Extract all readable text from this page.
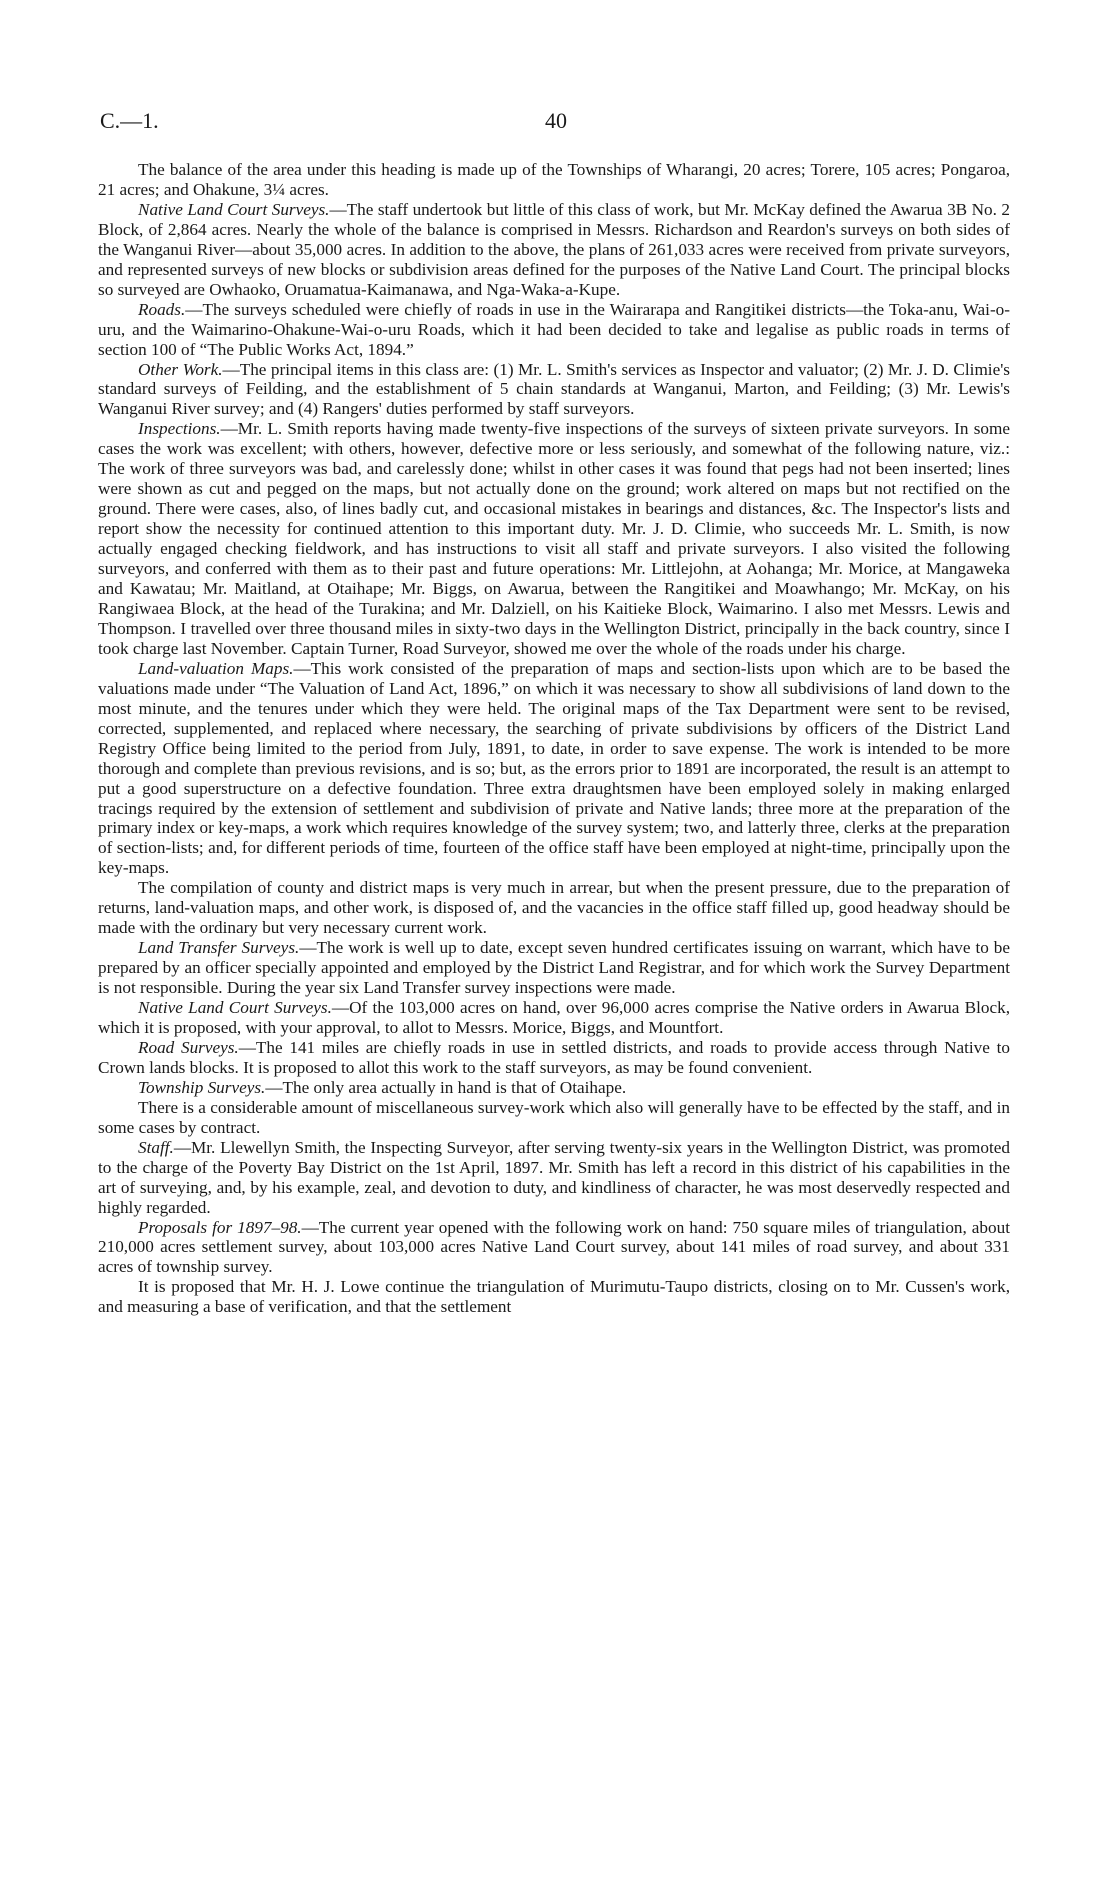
C.—1.	40

The balance of the area under this heading is made up of the Townships of Wharangi, 20 acres; Torere, 105 acres; Pongaroa, 21 acres; and Ohakune, 3¼ acres.

Native Land Court Surveys.—The staff undertook but little of this class of work, but Mr. McKay defined the Awarua 3B No. 2 Block, of 2,864 acres. Nearly the whole of the balance is comprised in Messrs. Richardson and Reardon's surveys on both sides of the Wanganui River—about 35,000 acres. In addition to the above, the plans of 261,033 acres were received from private surveyors, and represented surveys of new blocks or subdivision areas defined for the purposes of the Native Land Court. The principal blocks so surveyed are Owhaoko, Oruamatua-Kaimanawa, and Nga-Waka-a-Kupe.

Roads.—The surveys scheduled were chiefly of roads in use in the Wairarapa and Rangitikei districts—the Toka-anu, Wai-o-uru, and the Waimarino-Ohakune-Wai-o-uru Roads, which it had been decided to take and legalise as public roads in terms of section 100 of “The Public Works Act, 1894.”

Other Work.—The principal items in this class are: (1) Mr. L. Smith's services as Inspector and valuator; (2) Mr. J. D. Climie's standard surveys of Feilding, and the establishment of 5 chain standards at Wanganui, Marton, and Feilding; (3) Mr. Lewis's Wanganui River survey; and (4) Rangers' duties performed by staff surveyors.

Inspections.—Mr. L. Smith reports having made twenty-five inspections of the surveys of sixteen private surveyors. In some cases the work was excellent; with others, however, defective more or less seriously, and somewhat of the following nature, viz.: The work of three surveyors was bad, and carelessly done; whilst in other cases it was found that pegs had not been inserted; lines were shown as cut and pegged on the maps, but not actually done on the ground; work altered on maps but not rectified on the ground. There were cases, also, of lines badly cut, and occasional mistakes in bearings and distances, &c. The Inspector's lists and report show the necessity for continued attention to this important duty. Mr. J. D. Climie, who succeeds Mr. L. Smith, is now actually engaged checking fieldwork, and has instructions to visit all staff and private surveyors. I also visited the following surveyors, and conferred with them as to their past and future operations: Mr. Littlejohn, at Aohanga; Mr. Morice, at Mangaweka and Kawatau; Mr. Maitland, at Otaihape; Mr. Biggs, on Awarua, between the Rangitikei and Moawhango; Mr. McKay, on his Rangiwaea Block, at the head of the Turakina; and Mr. Dalziell, on his Kaitieke Block, Waimarino. I also met Messrs. Lewis and Thompson. I travelled over three thousand miles in sixty-two days in the Wellington District, principally in the back country, since I took charge last November. Captain Turner, Road Surveyor, showed me over the whole of the roads under his charge.

Land-valuation Maps.—This work consisted of the preparation of maps and section-lists upon which are to be based the valuations made under “The Valuation of Land Act, 1896,” on which it was necessary to show all subdivisions of land down to the most minute, and the tenures under which they were held. The original maps of the Tax Department were sent to be revised, corrected, supplemented, and replaced where necessary, the searching of private subdivisions by officers of the District Land Registry Office being limited to the period from July, 1891, to date, in order to save expense. The work is intended to be more thorough and complete than previous revisions, and is so; but, as the errors prior to 1891 are incorporated, the result is an attempt to put a good superstructure on a defective foundation. Three extra draughtsmen have been employed solely in making enlarged tracings required by the extension of settlement and subdivision of private and Native lands; three more at the preparation of the primary index or key-maps, a work which requires knowledge of the survey system; two, and latterly three, clerks at the preparation of section-lists; and, for different periods of time, fourteen of the office staff have been employed at night-time, principally upon the key-maps.

The compilation of county and district maps is very much in arrear, but when the present pressure, due to the preparation of returns, land-valuation maps, and other work, is disposed of, and the vacancies in the office staff filled up, good headway should be made with the ordinary but very necessary current work.

Land Transfer Surveys.—The work is well up to date, except seven hundred certificates issuing on warrant, which have to be prepared by an officer specially appointed and employed by the District Land Registrar, and for which work the Survey Department is not responsible. During the year six Land Transfer survey inspections were made.

Native Land Court Surveys.—Of the 103,000 acres on hand, over 96,000 acres comprise the Native orders in Awarua Block, which it is proposed, with your approval, to allot to Messrs. Morice, Biggs, and Mountfort.

Road Surveys.—The 141 miles are chiefly roads in use in settled districts, and roads to provide access through Native to Crown lands blocks. It is proposed to allot this work to the staff surveyors, as may be found convenient.

Township Surveys.—The only area actually in hand is that of Otaihape.

There is a considerable amount of miscellaneous survey-work which also will generally have to be effected by the staff, and in some cases by contract.

Staff.—Mr. Llewellyn Smith, the Inspecting Surveyor, after serving twenty-six years in the Wellington District, was promoted to the charge of the Poverty Bay District on the 1st April, 1897. Mr. Smith has left a record in this district of his capabilities in the art of surveying, and, by his example, zeal, and devotion to duty, and kindliness of character, he was most deservedly respected and highly regarded.

Proposals for 1897–98.—The current year opened with the following work on hand: 750 square miles of triangulation, about 210,000 acres settlement survey, about 103,000 acres Native Land Court survey, about 141 miles of road survey, and about 331 acres of township survey.

It is proposed that Mr. H. J. Lowe continue the triangulation of Murimutu-Taupo districts, closing on to Mr. Cussen's work, and measuring a base of verification, and that the settlement
